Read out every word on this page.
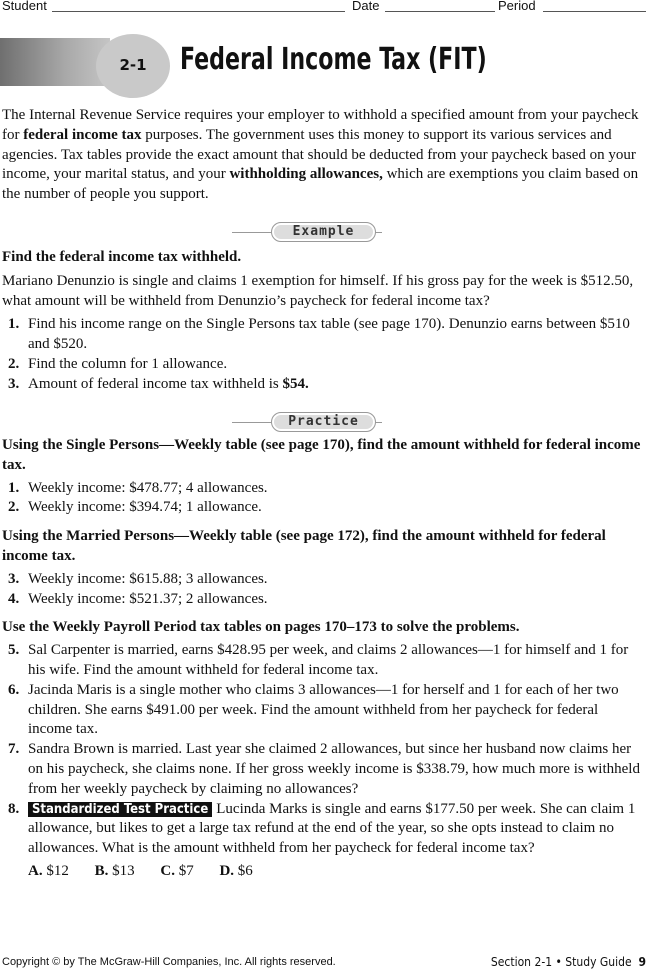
Student	Date	Period
2-1	Federal Income Tax (FIT)

The Internal Revenue Service requires your employer to withhold a specified amount from your paycheck for federal income tax purposes. The government uses this money to support its various services and agencies. Tax tables provide the exact amount that should be deducted from your paycheck based on your income, your marital status, and your withholding allowances, which are exemptions you claim based on the number of people you support.

Example

Find the federal income tax withheld.

Mariano Denunzio is single and claims 1 exemption for himself. If his gross pay for the week is $512.50, what amount will be withheld from Denunzio’s paycheck for federal income tax?

1. Find his income range on the Single Persons tax table (see page 170). Denunzio earns between $510 and $520.

2. Find the column for 1 allowance.

3. Amount of federal income tax withheld is $54.

Practice

Using the Single Persons—Weekly table (see page 170), find the amount withheld for federal income tax.

1. Weekly income: $478.77; 4 allowances.

2. Weekly income: $394.74; 1 allowance.

Using the Married Persons—Weekly table (see page 172), find the amount withheld for federal income tax.

3. Weekly income: $615.88; 3 allowances.

4. Weekly income: $521.37; 2 allowances.

Use the Weekly Payroll Period tax tables on pages 170–173 to solve the problems.

5. Sal Carpenter is married, earns $428.95 per week, and claims 2 allowances—1 for himself and 1 for his wife. Find the amount withheld for federal income tax.

6. Jacinda Maris is a single mother who claims 3 allowances—1 for herself and 1 for each of her two children. She earns $491.00 per week. Find the amount withheld from her paycheck for federal income tax.

7. Sandra Brown is married. Last year she claimed 2 allowances, but since her husband now claims her on his paycheck, she claims none. If her gross weekly income is $338.79, how much more is withheld from her weekly paycheck by claiming no allowances?

8. Standardized Test Practice Lucinda Marks is single and earns $177.50 per week. She can claim 1 allowance, but likes to get a large tax refund at the end of the year, so she opts instead to claim no allowances. What is the amount withheld from her paycheck for federal income tax?

A. $12 B. $13 C. $7 D. $6

Copyright © by The McGraw-Hill Companies, Inc. All rights reserved.	Section 2-1 • Study Guide 9
